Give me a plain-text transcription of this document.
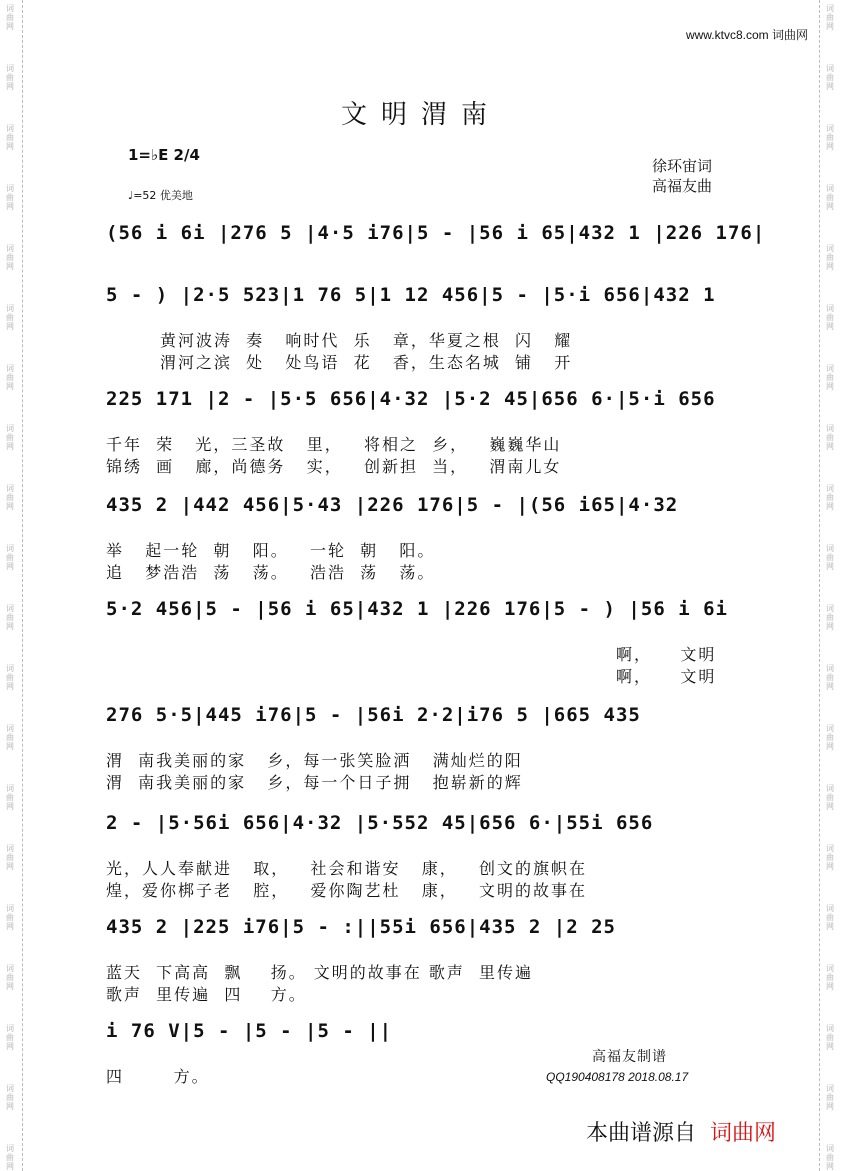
词
曲
网
词
曲
网
词
曲
网
词
曲
网
词
曲
网
词
曲
网
词
曲
网
词
曲
网
词
曲
网
词
曲
网
词
曲
网
词
曲
网
词
曲
网
词
曲
网
词
曲
网
词
曲
网
词
曲
网
词
曲
网
词
曲
网
词
曲
网
词
曲
网
词
曲
网
词
曲
网
词
曲
网
词
曲
网
词
曲
网
词
曲
网
词
曲
网
词
曲
网
词
曲
网
词
曲
网
词
曲
网
词
曲
网
词
曲
网
词
曲
网
词
曲
网
词
曲
网
词
曲
网
词
曲
网
词
曲
网
www.ktvc8.com 词曲网
文明渭南
1=♭E 2/4
♩=52 优美地
徐环宙词
高福友曲
(56 i 6i |276 5 |4·5 i76|5 - |56 i 65|432 1 |226 176|
5 - ) |2·5 523|1 76 5|1 12 456|5 - |5·i 656|432 1
黄河波涛  奏   响时代  乐   章，华夏之根  闪   耀
渭河之滨  处   处鸟语  花   香，生态名城  铺   开
225 171 |2 - |5·5 656|4·32 |5·2 45|656 6·|5·i 656
千年  荣   光，三圣故   里，   将相之  乡，   巍巍华山
锦绣  画   廊，尚德务   实，   创新担  当，   渭南儿女
435 2 |442 456|5·43 |226 176|5 - |(56 i65|4·32
举   起一轮  朝   阳。   一轮  朝   阳。
追   梦浩浩  荡   荡。   浩浩  荡   荡。
5·2 456|5 - |56 i 65|432 1 |226 176|5 - ) |56 i 6i
啊，    文明
啊，    文明
276 5·5|445 i76|5 - |56i 2·2|i76 5 |665 435
渭  南我美丽的家   乡，每一张笑脸洒   满灿烂的阳
渭  南我美丽的家   乡，每一个日子拥   抱崭新的辉
2 - |5·56i 656|4·32 |5·552 45|656 6·|55i 656
光，人人奉献进   取，   社会和谐安   康，   创文的旗帜在
煌，爱你梆子老   腔，   爱你陶艺杜   康，   文明的故事在
435 2 |225 i76|5 - :||55i 656|435 2 |2 25
蓝天  下高高  飘    扬。 文明的故事在 歌声  里传遍
歌声  里传遍  四    方。
i 76 V|5 - |5 - |5 - ||
四       方。
高福友制谱
QQ190408178 2018.08.17
本曲谱源自 词曲网
